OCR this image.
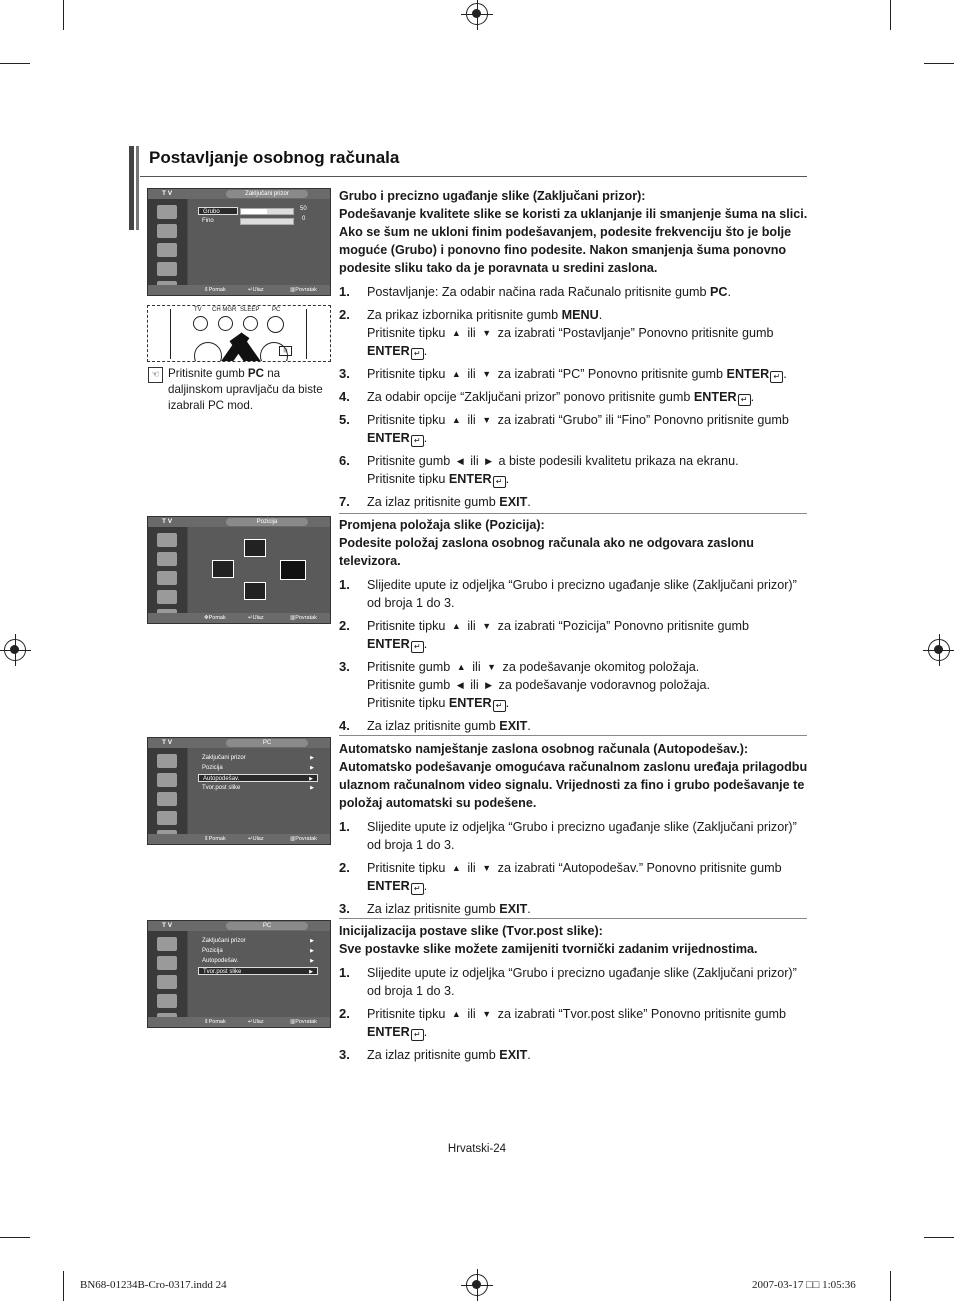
Postavljanje osobnog računala
T V	Zaključani prizor
Grubo	50
Fino	0
⇕ Pomak	↵ Ulaz	▥ Povratak
TV CH MGR SLEEP PC
⊡
☜ Pritisnite gumb PC na daljinskom upravljaču da biste izabrali PC mod.
Grubo i precizno ugađanje slike (Zaključani prizor):
Podešavanje kvalitete slike se koristi za uklanjanje ili smanjenje šuma na slici. Ako se šum ne ukloni finim podešavanjem, podesite frekvenciju što je bolje moguće (Grubo) i ponovno fino podesite. Nakon smanjenja šuma ponovno podesite sliku tako da je poravnata u sredini zaslona.
1. Postavljanje: Za odabir načina rada Računalo pritisnite gumb PC.
2. Za prikaz izbornika pritisnite gumb MENU.
Pritisnite tipku ▲ ili ▼ za izabrati “Postavljanje” Ponovno pritisnite gumb
ENTER ↵ .
3. Pritisnite tipku ▲ ili ▼ za izabrati “PC” Ponovno pritisnite gumb ENTER ↵ .
4. Za odabir opcije “Zaključani prizor” ponovo pritisnite gumb ENTER ↵ .
5. Pritisnite tipku ▲ ili ▼ za izabrati “Grubo” ili “Fino” Ponovno pritisnite gumb ENTER ↵ .
6. Pritisnite gumb ◀ ili ▶ a biste podesili kvalitetu prikaza na ekranu.
Pritisnite tipku ENTER ↵ .
7. Za izlaz pritisnite gumb EXIT.
T V	Pozicija
✥ Pomak	↵ Ulaz	▥ Povratak
Promjena položaja slike (Pozicija):
Podesite položaj zaslona osobnog računala ako ne odgovara zaslonu televizora.
1. Slijedite upute iz odjeljka “Grubo i precizno ugađanje slike (Zaključani prizor)” od broja 1 do 3.
2. Pritisnite tipku ▲ ili ▼ za izabrati “Pozicija” Ponovno pritisnite gumb
ENTER ↵ .
3. Pritisnite gumb ▲ ili ▼ za podešavanje okomitog položaja.
Pritisnite gumb ◀ ili ▶ za podešavanje vodoravnog položaja.
Pritisnite tipku ENTER ↵ .
4. Za izlaz pritisnite gumb EXIT.
T V	PC
Zaključani prizor	▶
Pozicija	▶
Autopodešav.	▶
Tvor.post slike	▶
⇕ Pomak	↵ Ulaz	▥ Povratak
Automatsko namještanje zaslona osobnog računala (Autopodešav.):
Automatsko podešavanje omogućava računalnom zaslonu uređaja prilagodbu ulaznom računalnom video signalu. Vrijednosti za fino i grubo podešavanje te položaj automatski su podešene.
1. Slijedite upute iz odjeljka “Grubo i precizno ugađanje slike (Zaključani prizor)” od broja 1 do 3.
2. Pritisnite tipku ▲ ili ▼ za izabrati “Autopodešav.” Ponovno pritisnite gumb
ENTER ↵ .
3. Za izlaz pritisnite gumb EXIT.
T V	PC
Zaključani prizor	▶
Pozicija	▶
Autopodešav.	▶
Tvor.post slike	▶
⇕ Pomak	↵ Ulaz	▥ Povratak
Inicijalizacija postave slike (Tvor.post slike):
Sve postavke slike možete zamijeniti tvornički zadanim vrijednostima.
1. Slijedite upute iz odjeljka “Grubo i precizno ugađanje slike (Zaključani prizor)” od broja 1 do 3.
2. Pritisnite tipku ▲ ili ▼ za izabrati “Tvor.post slike” Ponovno pritisnite gumb
ENTER ↵ .
3. Za izlaz pritisnite gumb EXIT.
Hrvatski-24
BN68-01234B-Cro-0317.indd 24	2007-03-17 □□ 1:05:36
